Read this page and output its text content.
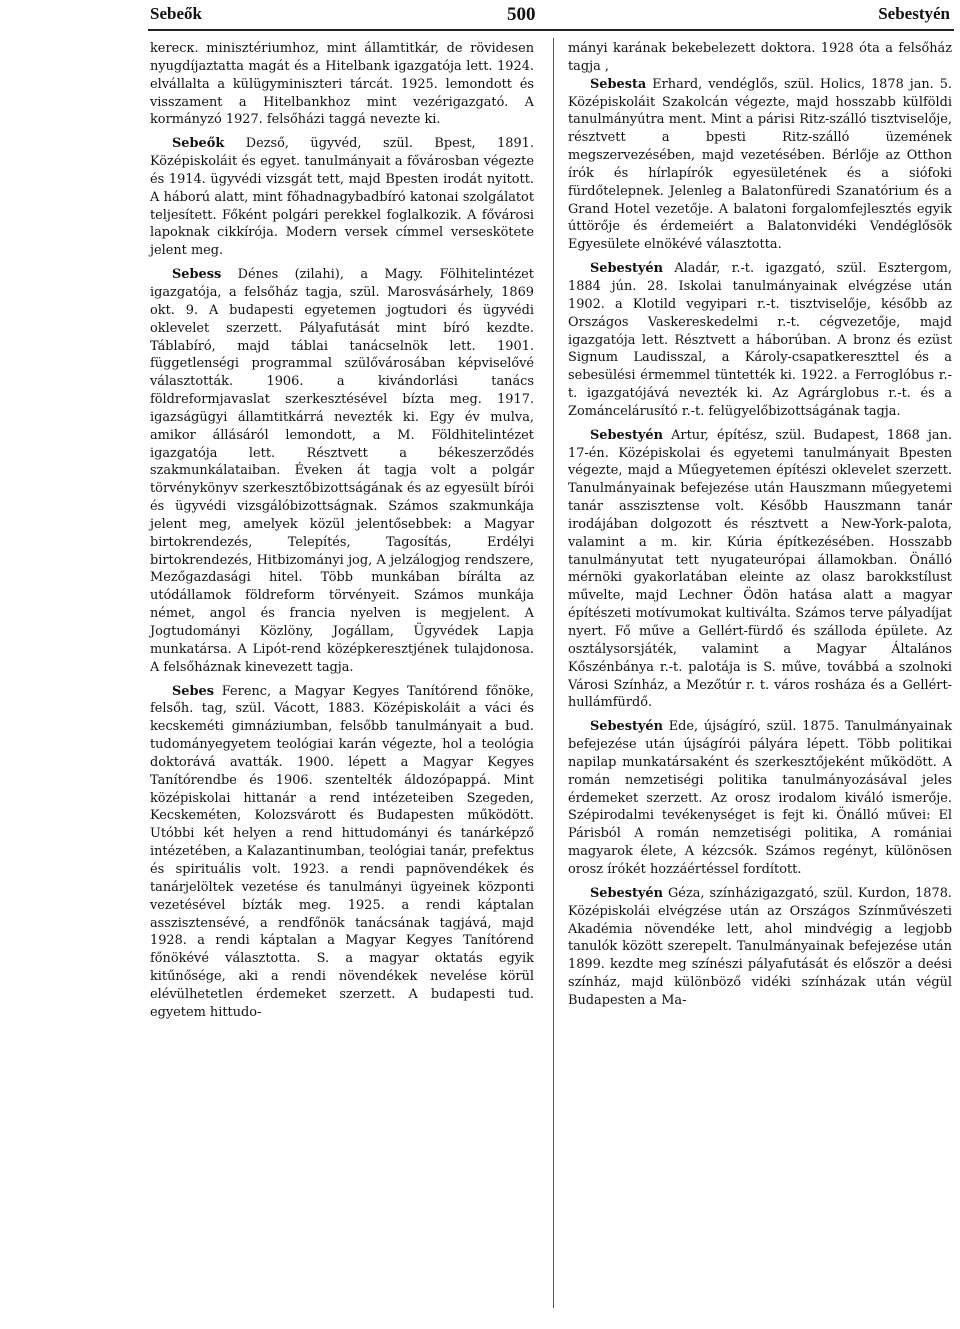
Sebeők	500	Sebestyén

kereск. minisztériumhoz, mint államtitkár, de rövidesen nyugdíjaztatta magát és a Hitelbank igazgatója lett. 1924. elvállalta a külügyminiszteri tárcát. 1925. lemondott és visszament a Hitelbankhoz mint vezérigazgató. A kormányzó 1927. felsőházi taggá nevezte ki.

Sebeők Dezső, ügyvéd, szül. Bpest, 1891. Középiskoláit és egyet. tanulmányait a fővárosban végezte és 1914. ügyvédi vizsgát tett, majd Bpesten irodát nyitott. A háború alatt, mint főhadnagybadbíró katonai szolgálatot teljesített. Főként polgári perekkel foglalkozik. A fővárosi lapoknak cikkírója. Modern versek címmel verseskötete jelent meg.

Sebess Dénes (zilahi), a Magy. Fölhitelintézet igazgatója, a felsőház tagja, szül. Marosvásárhely, 1869 okt. 9. A budapesti egyetemen jogtudori és ügyvédi oklevelet szerzett. Pályafutását mint bíró kezdte. Táblabíró, majd táblai tanácselnök lett. 1901. függetlenségi programmal szülővárosában képviselővé választották. 1906. a kivándorlási tanács földreformjavaslat szerkesztésével bízta meg. 1917. igazságügyi államtitkárrá nevezték ki. Egy év mulva, amikor állásáról lemondott, a M. Földhitelintézet igazgatója lett. Résztvett a békeszerződés szakmunkálataiban. Éveken át tagja volt a polgár törvénykönyv szerkesztőbizottságának és az egyesült bírói és ügyvédi vizsgálóbizottságnak. Számos szakmunkája jelent meg, amelyek közül jelentősebbek: a Magyar birtokrendezés, Telepítés, Tagosítás, Erdélyi birtokrendezés, Hitbizományi jog, A jelzálogjog rendszere, Mezőgazdasági hitel. Több munkában bírálta az utódállamok földreform törvényeit. Számos munkája német, angol és francia nyelven is megjelent. A Jogtudományi Közlöny, Jogállam, Ügyvédek Lapja munkatársa. A Lipót-rend középkeresztjének tulajdonosa. A felsőháznak kinevezett tagja.

Sebes Ferenc, a Magyar Kegyes Tanítórend főnöke, felsőh. tag, szül. Vácott, 1883. Középiskoláit a váci és kecskeméti gimnáziumban, felsőbb tanulmányait a bud. tudományegyetem teológiai karán végezte, hol a teológia doktorává avatták. 1900. lépett a Magyar Kegyes Tanítórendbe és 1906. szentelték áldozópappá. Mint középiskolai hittanár a rend intézeteiben Szegeden, Kecskeméten, Kolozsvárott és Budapesten működött. Utóbbi két helyen a rend hittudományi és tanárképző intézetében, a Kalazantinumban, teológiai tanár, prefektus és spirituális volt. 1923. a rendi papnövendékek és tanárjelöltek vezetése és tanulmányi ügyeinek központi vezetésével bízták meg. 1925. a rendi káptalan asszisztensévé, a rendfőnök tanácsának tagjává, majd 1928. a rendi káptalan a Magyar Kegyes Tanítórend főnökévé választotta. S. a magyar oktatás egyik kitűnősége, aki a rendi növendékek nevelése körül elévülhetetlen érdemeket szerzett. A budapesti tud. egyetem hittudo-

mányi karának bekebelezett doktora. 1928 óta a felsőház tagja ,

Sebesta Erhard, vendéglős, szül. Holics, 1878 jan. 5. Középiskoláit Szakolcán végezte, majd hosszabb külföldi tanulmányútra ment. Mint a párisi Ritz-szálló tisztviselője, résztvett a bpesti Ritz-szálló üzemének megszervezésében, majd vezetésében. Bérlője az Otthon írók és hírlapírók egyesületének és a siófoki fürdőtelepnek. Jelenleg a Balatonfüredi Szanatórium és a Grand Hotel vezetője. A balatoni forgalomfejlesztés egyik úttörője és érdemeiért a Balatonvidéki Vendéglősök Egyesülete elnökévé választotta.

Sebestyén Aladár, r.-t. igazgató, szül. Esztergom, 1884 jún. 28. Iskolai tanulmányainak elvégzése után 1902. a Klotild vegyipari r.-t. tisztviselője, később az Országos Vaskereskedelmi r.-t. cégvezetője, majd igazgatója lett. Résztvett a háborúban. A bronz és ezüst Signum Laudisszal, a Károly-csapatkereszttel és a sebesülési érmemmel tüntették ki. 1922. a Ferroglóbus r.-t. igazgatójává nevezték ki. Az Agrárglobus r.-t. és a Zománcelárusító r.-t. felügyelőbizottságának tagja.

Sebestyén Artur, építész, szül. Budapest, 1868 jan. 17-én. Középiskolai és egyetemi tanulmányait Bpesten végezte, majd a Műegyetemen építészi oklevelet szerzett. Tanulmányainak befejezése után Hauszmann műegyetemi tanár asszisztense volt. Később Hauszmann tanár irodájában dolgozott és résztvett a New-York-palota, valamint a m. kir. Kúria építkezésében. Hosszabb tanulmányutat tett nyugateurópai államokban. Önálló mérnöki gyakorlatában eleinte az olasz barokkstílust művelte, majd Lechner Ödön hatása alatt a magyar építészeti motívumokat kultiválta. Számos terve pályadíjat nyert. Fő műve a Gellért-fürdő és szálloda épülete. Az osztálysorsjáték, valamint a Magyar Általános Kőszénbánya r.-t. palotája is S. műve, továbbá a szolnoki Városi Színház, a Mezőtúr r. t. város rosháza és a Gellért-hullámfürdő.

Sebestyén Ede, újságíró, szül. 1875. Tanulmányainak befejezése után újságírói pályára lépett. Több politikai napilap munkatársaként és szerkesztőjeként működött. A román nemzetiségi politika tanulmányozásával jeles érdemeket szerzett. Az orosz irodalom kiváló ismerője. Szépirodalmi tevékenységet is fejt ki. Önálló művei: El Párisból A román nemzetiségi politika, A romániai magyarok élete, A kézcsók. Számos regényt, különösen orosz írókét hozzáértéssel fordított.

Sebestyén Géza, színházigazgató, szül. Kurdon, 1878. Középiskolái elvégzése után az Országos Színművészeti Akadémia növendéke lett, ahol mindvégig a legjobb tanulók között szerepelt. Tanulmányainak befejezése után 1899. kezdte meg színészi pályafutását és először a deési színház, majd különböző vidéki színházak után végül Budapesten a Ma-
